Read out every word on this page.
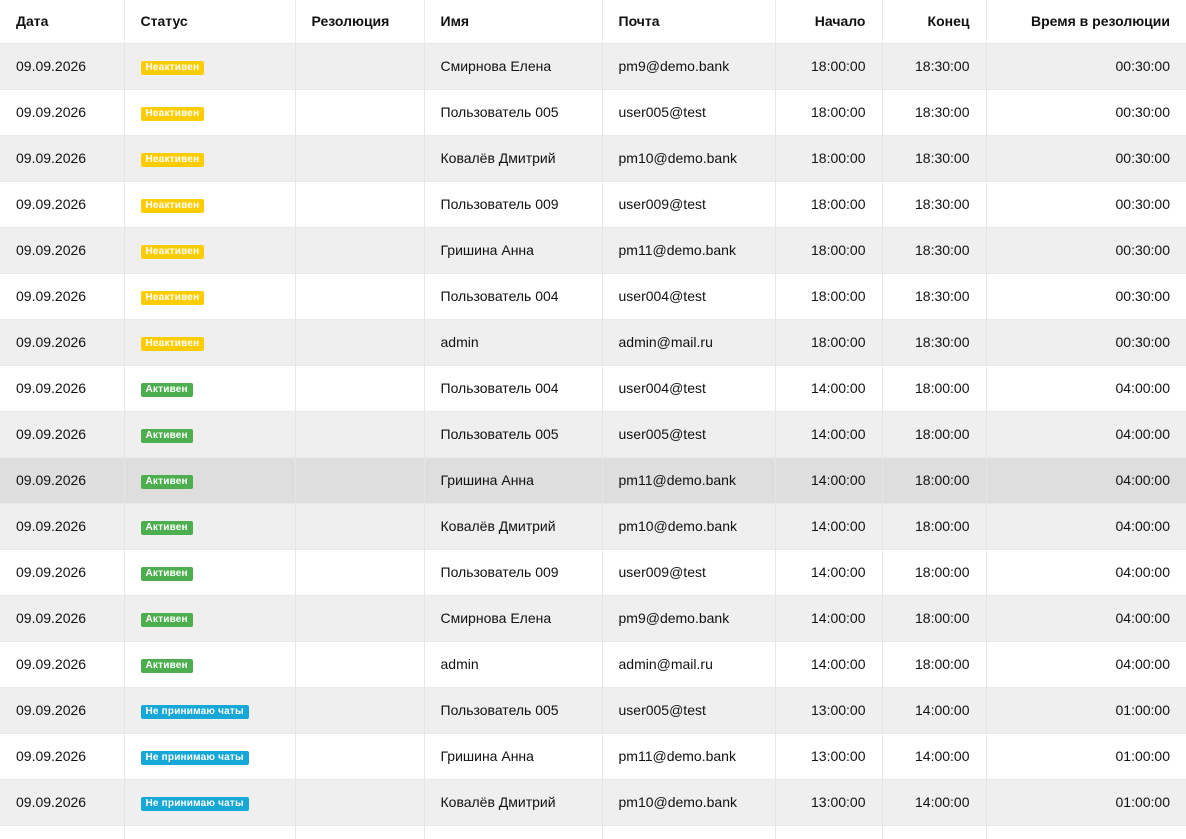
Дата	Статус	Резолюция	Имя	Почта	Начало	Конец	Время в резолюции
09.09.2026	Неактивен		Смирнова Елена	pm9@demo.bank	18:00:00	18:30:00	00:30:00
09.09.2026	Неактивен		Пользователь 005	user005@test	18:00:00	18:30:00	00:30:00
09.09.2026	Неактивен		Ковалёв Дмитрий	pm10@demo.bank	18:00:00	18:30:00	00:30:00
09.09.2026	Неактивен		Пользователь 009	user009@test	18:00:00	18:30:00	00:30:00
09.09.2026	Неактивен		Гришина Анна	pm11@demo.bank	18:00:00	18:30:00	00:30:00
09.09.2026	Неактивен		Пользователь 004	user004@test	18:00:00	18:30:00	00:30:00
09.09.2026	Неактивен		admin	admin@mail.ru	18:00:00	18:30:00	00:30:00
09.09.2026	Активен		Пользователь 004	user004@test	14:00:00	18:00:00	04:00:00
09.09.2026	Активен		Пользователь 005	user005@test	14:00:00	18:00:00	04:00:00
09.09.2026	Активен		Гришина Анна	pm11@demo.bank	14:00:00	18:00:00	04:00:00
09.09.2026	Активен		Ковалёв Дмитрий	pm10@demo.bank	14:00:00	18:00:00	04:00:00
09.09.2026	Активен		Пользователь 009	user009@test	14:00:00	18:00:00	04:00:00
09.09.2026	Активен		Смирнова Елена	pm9@demo.bank	14:00:00	18:00:00	04:00:00
09.09.2026	Активен		admin	admin@mail.ru	14:00:00	18:00:00	04:00:00
09.09.2026	Не принимаю чаты		Пользователь 005	user005@test	13:00:00	14:00:00	01:00:00
09.09.2026	Не принимаю чаты		Гришина Анна	pm11@demo.bank	13:00:00	14:00:00	01:00:00
09.09.2026	Не принимаю чаты		Ковалёв Дмитрий	pm10@demo.bank	13:00:00	14:00:00	01:00:00
